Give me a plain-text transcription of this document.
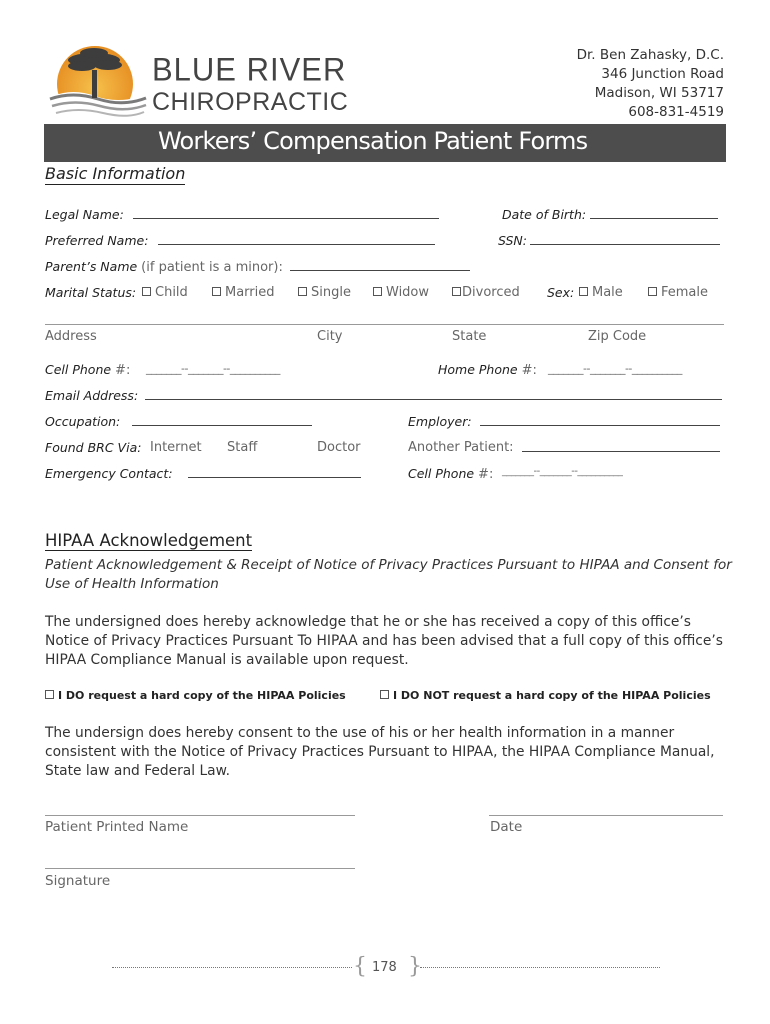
BLUE RIVER
CHIROPRACTIC
Dr. Ben Zahasky, D.C.
346 Junction Road
Madison, WI 53717
608-831-4519
Workers’ Compensation Patient Forms
Basic Information
Legal Name:	Date of Birth:
Preferred Name:	SSN:
Parent’s Name (if patient is a minor):
Marital Status:	Child	Married	Single	Widow	Divorced Sex:	Male	Female
Address	City	State	Zip Code
Cell Phone #: _______--_______--__________	Home Phone #: _______--_______--__________
Email Address:
Occupation:	Employer:
Found BRC Via: Internet Staff	Doctor	Another Patient:
Emergency Contact:	Cell Phone #: _______--_______--__________
HIPAA Acknowledgement
Patient Acknowledgement & Receipt of Notice of Privacy Practices Pursuant to HIPAA and Consent for Use of Health Information
The undersigned does hereby acknowledge that he or she has received a copy of this office’s Notice of Privacy Practices Pursuant To HIPAA and has been advised that a full copy of this office’s HIPAA Compliance Manual is available upon request.
I DO request a hard copy of the HIPAA Policies	I DO NOT request a hard copy of the HIPAA Policies
The undersign does hereby consent to the use of his or her health information in a manner consistent with the Notice of Privacy Practices Pursuant to HIPAA, the HIPAA Compliance Manual, State law and Federal Law.
Patient Printed Name	Date
Signature
{ }
178
